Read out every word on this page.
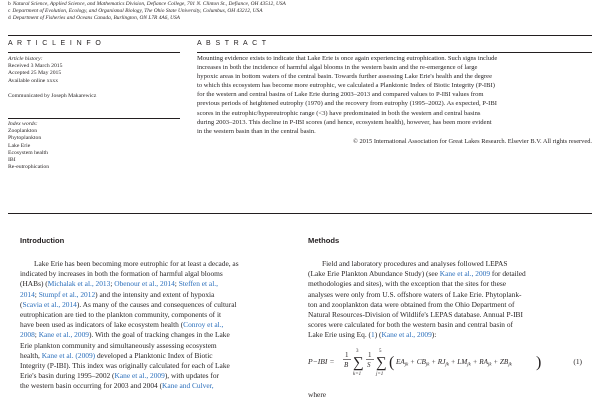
b Natural Science, Applied Science, and Mathematics Division, Defiance College, 701 N. Clinton St., Defiance, OH 43512, USA
c Department of Evolution, Ecology, and Organismal Biology, The Ohio State University, Columbus, OH 43212, USA
d Department of Fisheries and Oceans Canada, Burlington, ON L7R 4A6, USA
A R T I C L E I N F O
Article history:
Received 3 March 2015
Accepted 25 May 2015
Available online xxxx
Communicated by Joseph Makarewicz
Index words:
Zooplankton
Phytoplankton
Lake Erie
Ecosystem health
IBI
Re-eutrophication
A B S T R A C T
Mounting evidence exists to indicate that Lake Erie is once again experiencing eutrophication. Such signs include
increases in both the incidence of harmful algal blooms in the western basin and the re-emergence of large
hypoxic areas in bottom waters of the central basin. Towards further assessing Lake Erie's health and the degree
to which this ecosystem has become more eutrophic, we calculated a Planktonic Index of Biotic Integrity (P-IBI)
for the western and central basins of Lake Erie during 2003–2013 and compared values to P-IBI values from
previous periods of heightened eutrophy (1970) and the recovery from eutrophy (1995–2002). As expected, P-IBI
scores in the eutrophic/hypereutrophic range (<3) have predominated in both the western and central basins
during 2003–2013. This decline in P-IBI scores (and hence, ecosystem health), however, has been more evident
in the western basin than in the central basin.
© 2015 International Association for Great Lakes Research. Elsevier B.V. All rights reserved.
Introduction
Lake Erie has been becoming more eutrophic for at least a decade, as
indicated by increases in both the formation of harmful algal blooms
(HABs) (Michalak et al., 2013; Obenour et al., 2014; Steffen et al.,
2014; Stumpf et al., 2012) and the intensity and extent of hypoxia
(Scavia et al., 2014). As many of the causes and consequences of cultural
eutrophication are tied to the plankton community, components of it
have been used as indicators of lake ecosystem health (Conroy et al.,
2008; Kane et al., 2009). With the goal of tracking changes in the Lake
Erie plankton community and simultaneously assessing ecosystem
health, Kane et al. (2009) developed a Planktonic Index of Biotic
Integrity (P-IBI). This index was originally calculated for each of Lake
Erie's basin during 1995–2002 (Kane et al., 2009), with updates for
the western basin occurring for 2003 and 2004 (Kane and Culver,
Methods
Field and laboratory procedures and analyses followed LEPAS
(Lake Erie Plankton Abundance Study) (see Kane et al., 2009 for detailed
methodologies and sites), with the exception that the sites for these
analyses were only from U.S. offshore waters of Lake Erie. Phytoplank-
ton and zooplankton data were obtained from the Ohio Department of
Natural Resources-Division of Wildlife's LEPAS database. Annual P-IBI
scores were calculated for both the western basin and central basin of
Lake Erie using Eq. (1) (Kane et al., 2009):
P−IBI =
1
B
3
∑
k=1
1
S
5
∑
j=1
( $EA_{jk} + CB_{jk} + RJ_{jk} + LM_{jk} + RA_{jk} + ZB_{jk}$ )	(1)
where
